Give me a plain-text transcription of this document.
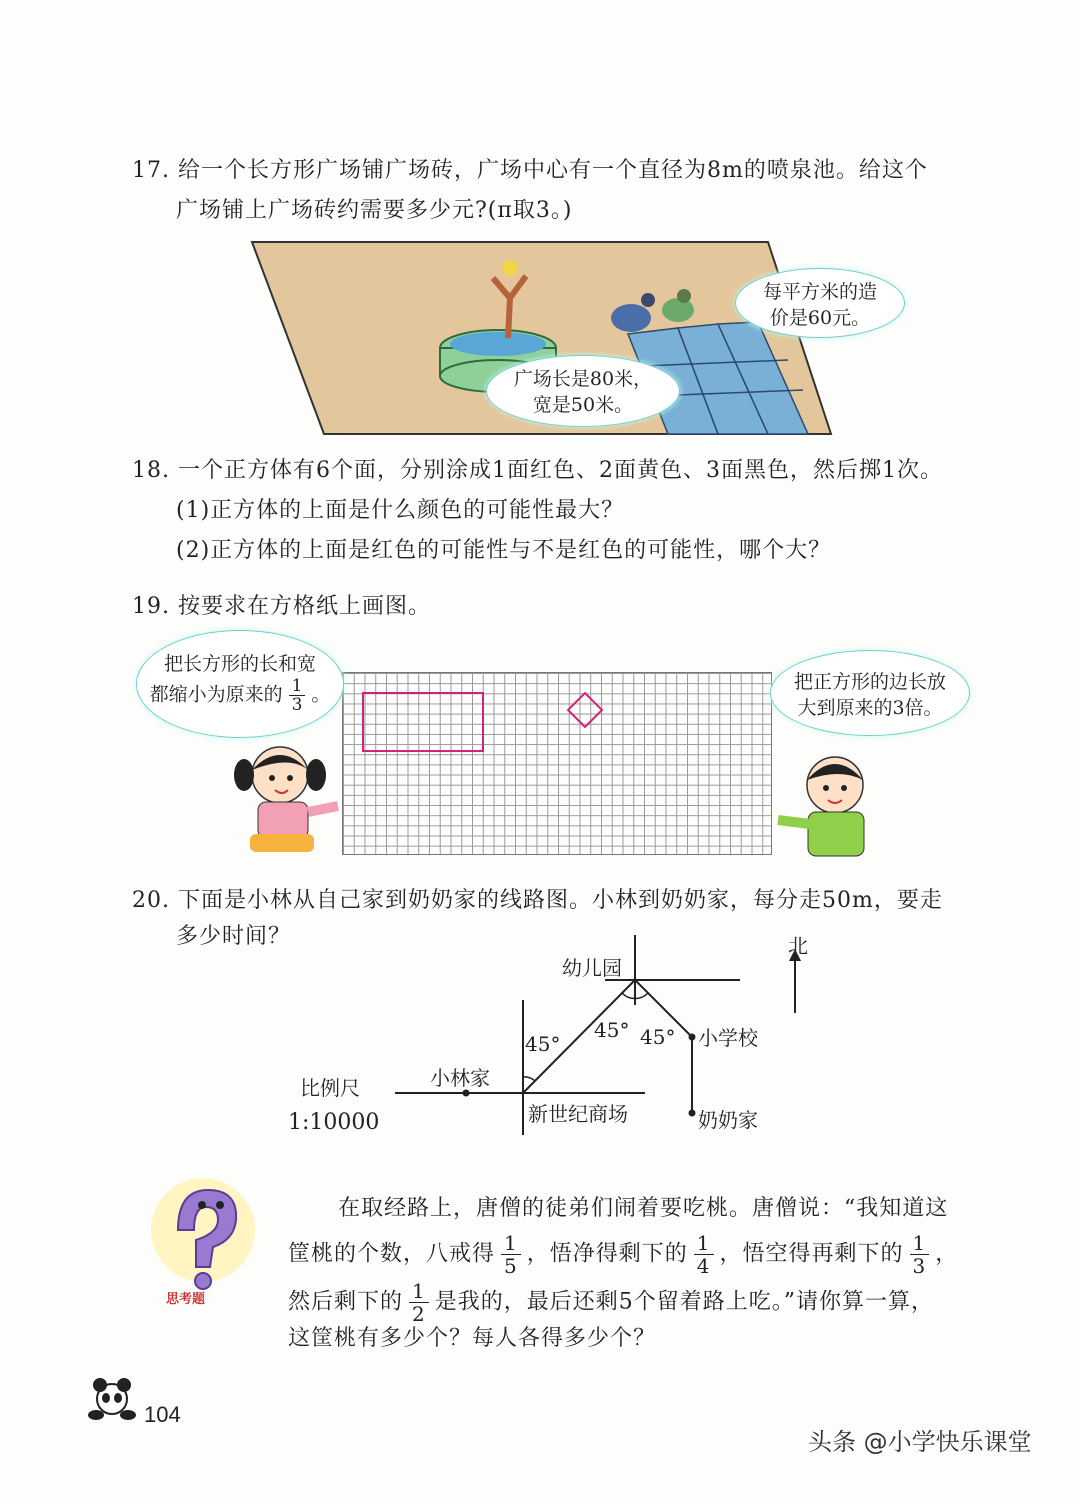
17. 给一个长方形广场铺广场砖，广场中心有一个直径为8m的喷泉池。给这个
广场铺上广场砖约需要多少元?(π取3。)
每平方米的造
价是60元。
广场长是80米，
宽是50米。
18. 一个正方体有6个面，分别涂成1面红色、2面黄色、3面黑色，然后掷1次。
(1)正方体的上面是什么颜色的可能性最大？
(2)正方体的上面是红色的可能性与不是红色的可能性，哪个大？
19. 按要求在方格纸上画图。
把长方形的长和宽
都缩小为原来的 $\frac{1}{3}$ 。
把正方形的边长放
大到原来的3倍。
20. 下面是小林从自己家到奶奶家的线路图。小林到奶奶家，每分走50m，要走
多少时间？	北
幼儿园
小学校
小林家
新世纪商场	奶奶家
45°
45° 45°
比例尺
1:10000
思考题
在取经路上，唐僧的徒弟们闹着要吃桃。唐僧说：“我知道这
筐桃的个数，八戒得 $\frac{1}{5}$ ，悟净得剩下的 $\frac{1}{4}$ ，悟空得再剩下的 $\frac{1}{3}$ ，
然后剩下的 $\frac{1}{2}$ 是我的，最后还剩5个留着路上吃。”请你算一算，
这筐桃有多少个？每人各得多少个？
104
头条 @小学快乐课堂
